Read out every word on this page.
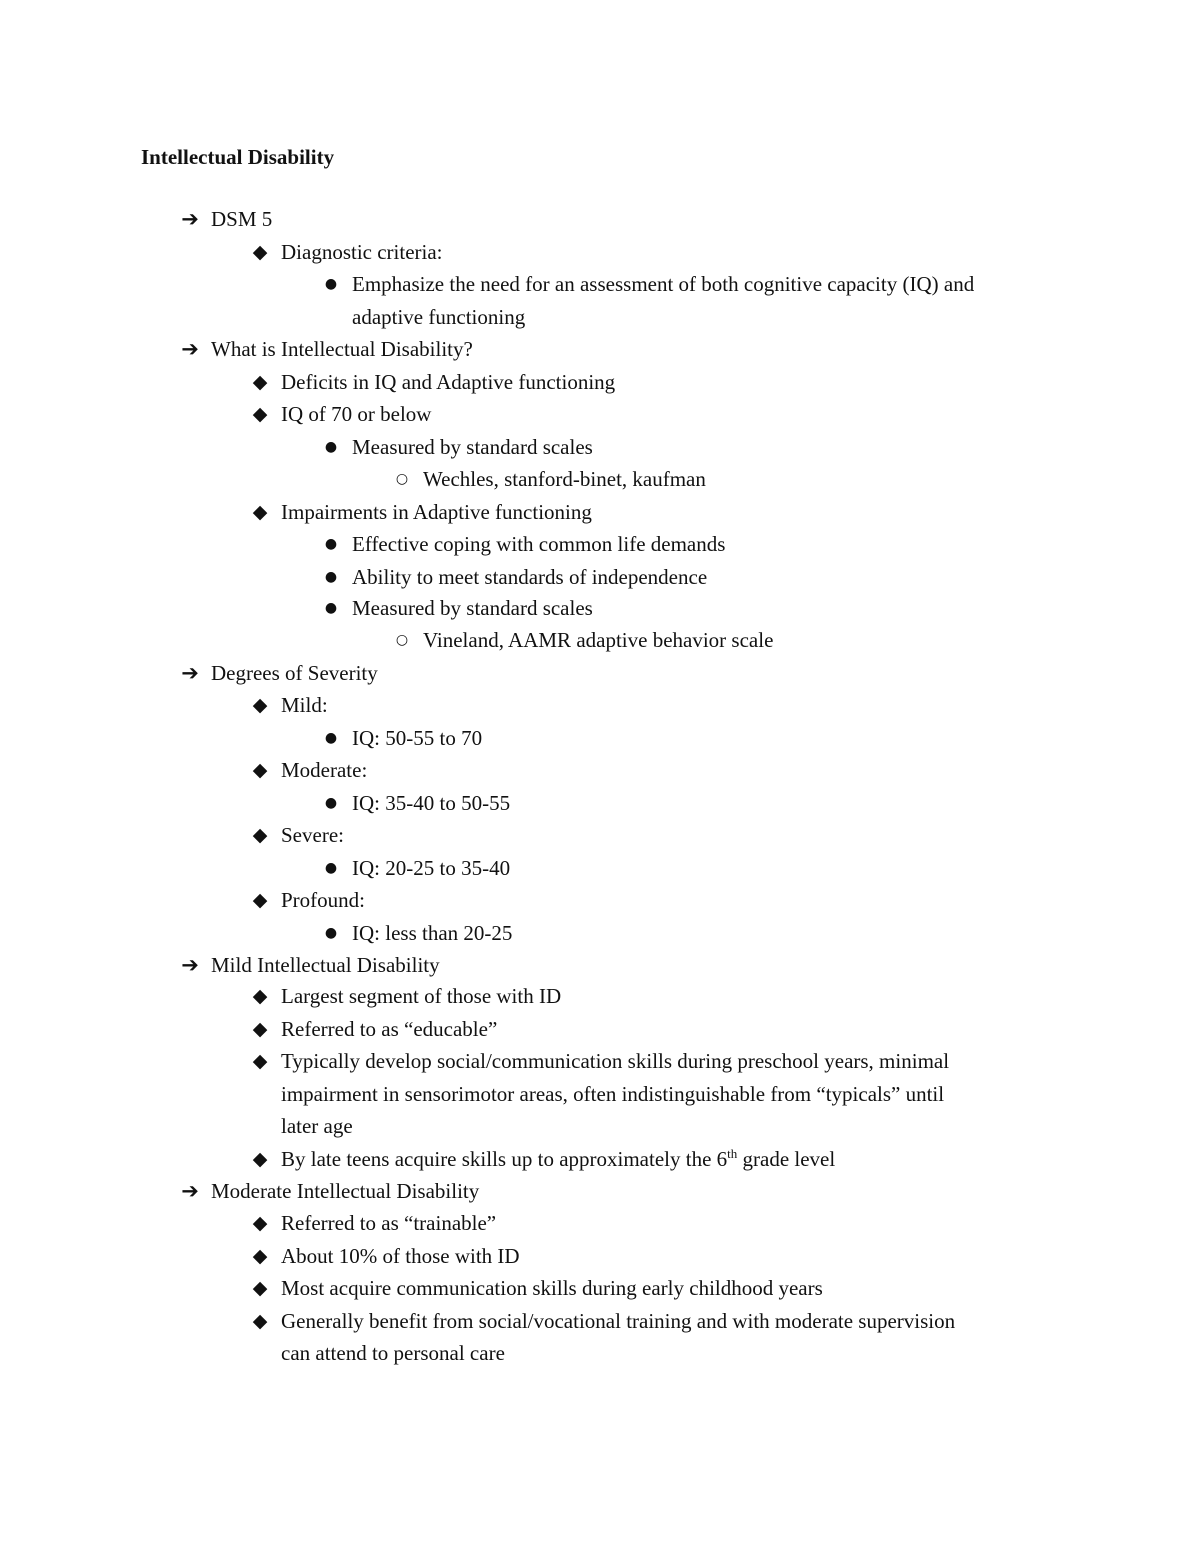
Intellectual Disability
➔ DSM 5
◆ Diagnostic criteria:
● Emphasize the need for an assessment of both cognitive capacity (IQ) and
adaptive functioning
➔ What is Intellectual Disability?
◆ Deficits in IQ and Adaptive functioning
◆ IQ of 70 or below
● Measured by standard scales
○ Wechles, stanford-binet, kaufman
◆ Impairments in Adaptive functioning
● Effective coping with common life demands
● Ability to meet standards of independence
● Measured by standard scales
○ Vineland, AAMR adaptive behavior scale
➔ Degrees of Severity
◆ Mild:
● IQ: 50-55 to 70
◆ Moderate:
● IQ: 35-40 to 50-55
◆ Severe:
● IQ: 20-25 to 35-40
◆ Profound:
● IQ: less than 20-25
➔ Mild Intellectual Disability
◆ Largest segment of those with ID
◆ Referred to as “educable”
◆ Typically develop social/communication skills during preschool years, minimal
impairment in sensorimotor areas, often indistinguishable from “typicals” until
later age
◆ By late teens acquire skills up to approximately the 6th grade level
➔ Moderate Intellectual Disability
◆ Referred to as “trainable”
◆ About 10% of those with ID
◆ Most acquire communication skills during early childhood years
◆ Generally benefit from social/vocational training and with moderate supervision
can attend to personal care
